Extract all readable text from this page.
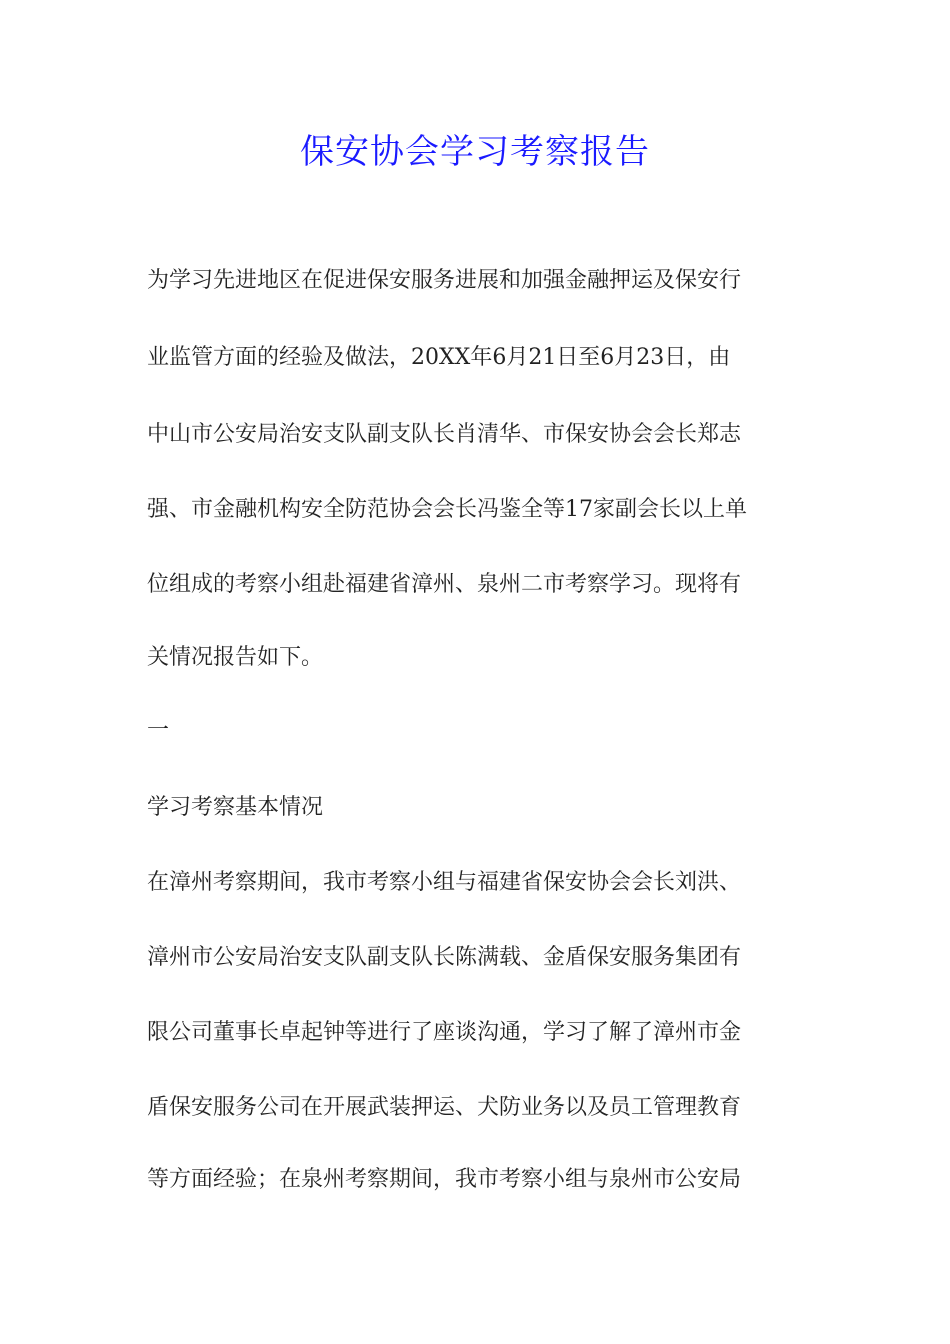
保安协会学习考察报告

为学习先进地区在促进保安服务进展和加强金融押运及保安行

业监管方面的经验及做法，20XX年6月21日至6月23日，由

中山市公安局治安支队副支队长肖清华、市保安协会会长郑志

强、市金融机构安全防范协会会长冯鉴全等17家副会长以上单

位组成的考察小组赴福建省漳州、泉州二市考察学习。现将有

关情况报告如下。

一

学习考察基本情况

在漳州考察期间，我市考察小组与福建省保安协会会长刘洪、

漳州市公安局治安支队副支队长陈满载、金盾保安服务集团有

限公司董事长卓起钟等进行了座谈沟通，学习了解了漳州市金

盾保安服务公司在开展武装押运、犬防业务以及员工管理教育

等方面经验；在泉州考察期间，我市考察小组与泉州市公安局
